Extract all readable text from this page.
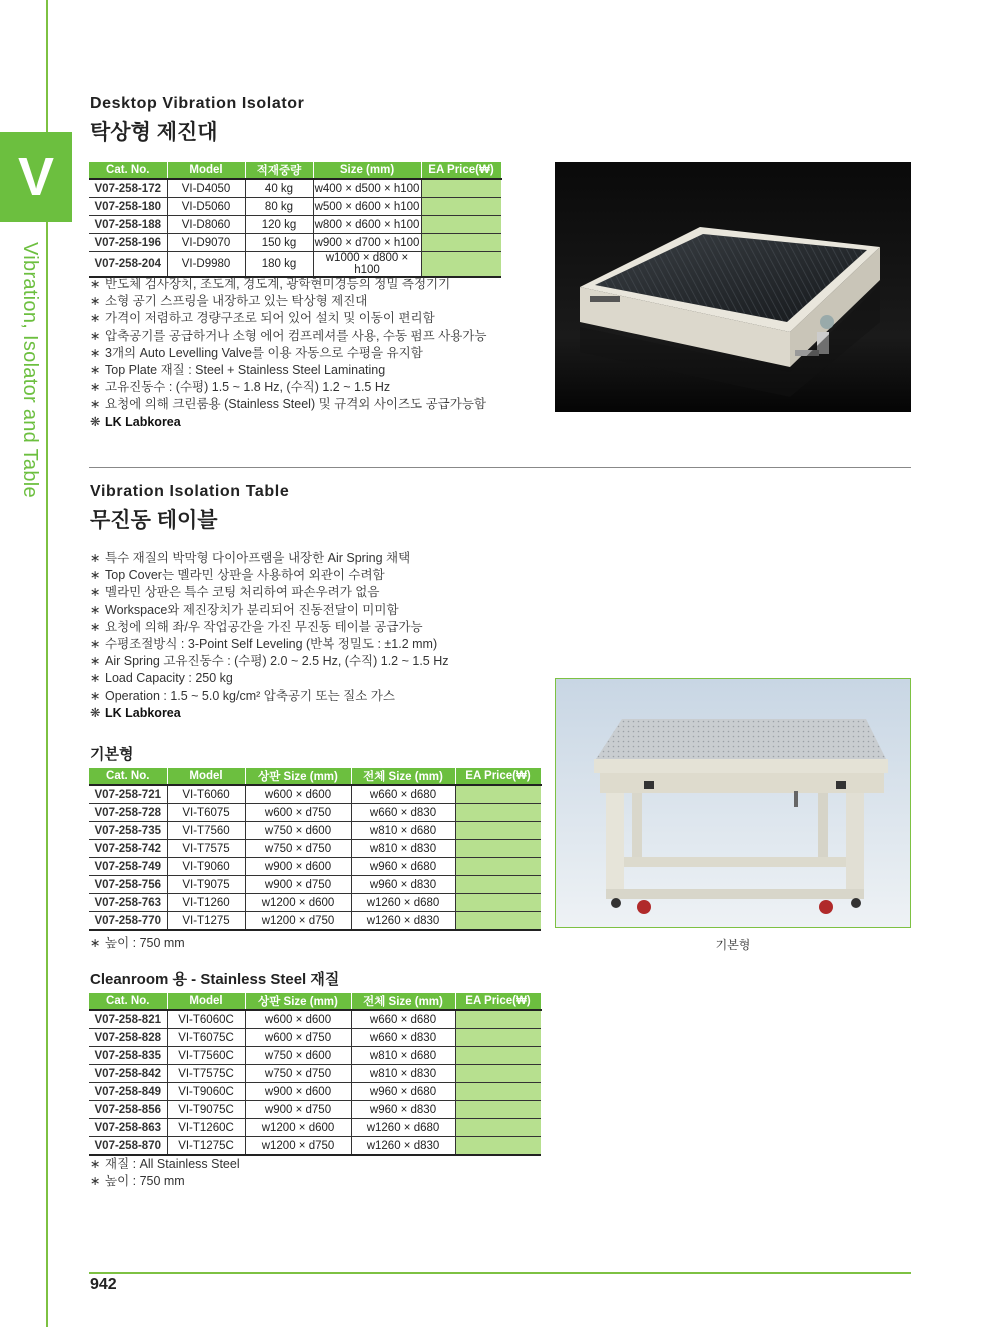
V
Vibration, Isolator and Table
Desktop Vibration Isolator
탁상형 제진대
Cat. No.	Model	적재중량	Size (mm)	EA Price(₩)
V07-258-172	VI-D4050	40 kg	w400 × d500 × h100	
V07-258-180	VI-D5060	80 kg	w500 × d600 × h100	
V07-258-188	VI-D8060	120 kg	w800 × d600 × h100	
V07-258-196	VI-D9070	150 kg	w900 × d700 × h100	
V07-258-204	VI-D9980	180 kg	w1000 × d800 × h100	
∗ 반도체 검사장치, 조도계, 경도계, 광학현미경등의 정밀 측정기기
∗ 소형 공기 스프링을 내장하고 있는 탁상형 제진대
∗ 가격이 저렴하고 경량구조로 되어 있어 설치 및 이동이 편리함
∗ 압축공기를 공급하거나 소형 에어 컴프레셔를 사용, 수동 펌프 사용가능
∗ 3개의 Auto Levelling Valve를 이용 자동으로 수평을 유지함
∗ Top Plate 재질 : Steel + Stainless Steel Laminating
∗ 고유진동수 : (수평) 1.5 ~ 1.8 Hz, (수직) 1.2 ~ 1.5 Hz
∗ 요청에 의해 크린룸용 (Stainless Steel) 및 규격외 사이즈도 공급가능함
❋ LK Labkorea
Vibration Isolation Table
무진동 테이블
∗ 특수 재질의 박막형 다이아프램을 내장한 Air Spring 채택
∗ Top Cover는 멜라민 상판을 사용하여 외관이 수려함
∗ 멜라민 상판은 특수 코팅 처리하여 파손우려가 없음
∗ Workspace와 제진장치가 분리되어 진동전달이 미미함
∗ 요청에 의해 좌/우 작업공간을 가진 무진동 테이블 공급가능
∗ 수평조절방식 : 3-Point Self Leveling (반복 정밀도 : ±1.2 mm)
∗ Air Spring 고유진동수 : (수평) 2.0 ~ 2.5 Hz, (수직) 1.2 ~ 1.5 Hz
∗ Load Capacity : 250 kg
∗ Operation : 1.5 ~ 5.0 kg/cm² 압축공기 또는 질소 가스
❋ LK Labkorea
기본형
Cat. No.	Model	상판 Size (mm)	전체 Size (mm)	EA Price(₩)
V07-258-721	VI-T6060	w600 × d600	w660 × d680	
V07-258-728	VI-T6075	w600 × d750	w660 × d830	
V07-258-735	VI-T7560	w750 × d600	w810 × d680	
V07-258-742	VI-T7575	w750 × d750	w810 × d830	
V07-258-749	VI-T9060	w900 × d600	w960 × d680	
V07-258-756	VI-T9075	w900 × d750	w960 × d830	
V07-258-763	VI-T1260	w1200 × d600	w1260 × d680	
V07-258-770	VI-T1275	w1200 × d750	w1260 × d830	
∗ 높이 : 750 mm
Cleanroom 용 - Stainless Steel 재질
Cat. No.	Model	상판 Size (mm)	전체 Size (mm)	EA Price(₩)
V07-258-821	VI-T6060C	w600 × d600	w660 × d680	
V07-258-828	VI-T6075C	w600 × d750	w660 × d830	
V07-258-835	VI-T7560C	w750 × d600	w810 × d680	
V07-258-842	VI-T7575C	w750 × d750	w810 × d830	
V07-258-849	VI-T9060C	w900 × d600	w960 × d680	
V07-258-856	VI-T9075C	w900 × d750	w960 × d830	
V07-258-863	VI-T1260C	w1200 × d600	w1260 × d680	
V07-258-870	VI-T1275C	w1200 × d750	w1260 × d830	
∗ 재질 : All Stainless Steel
∗ 높이 : 750 mm
기본형
942
